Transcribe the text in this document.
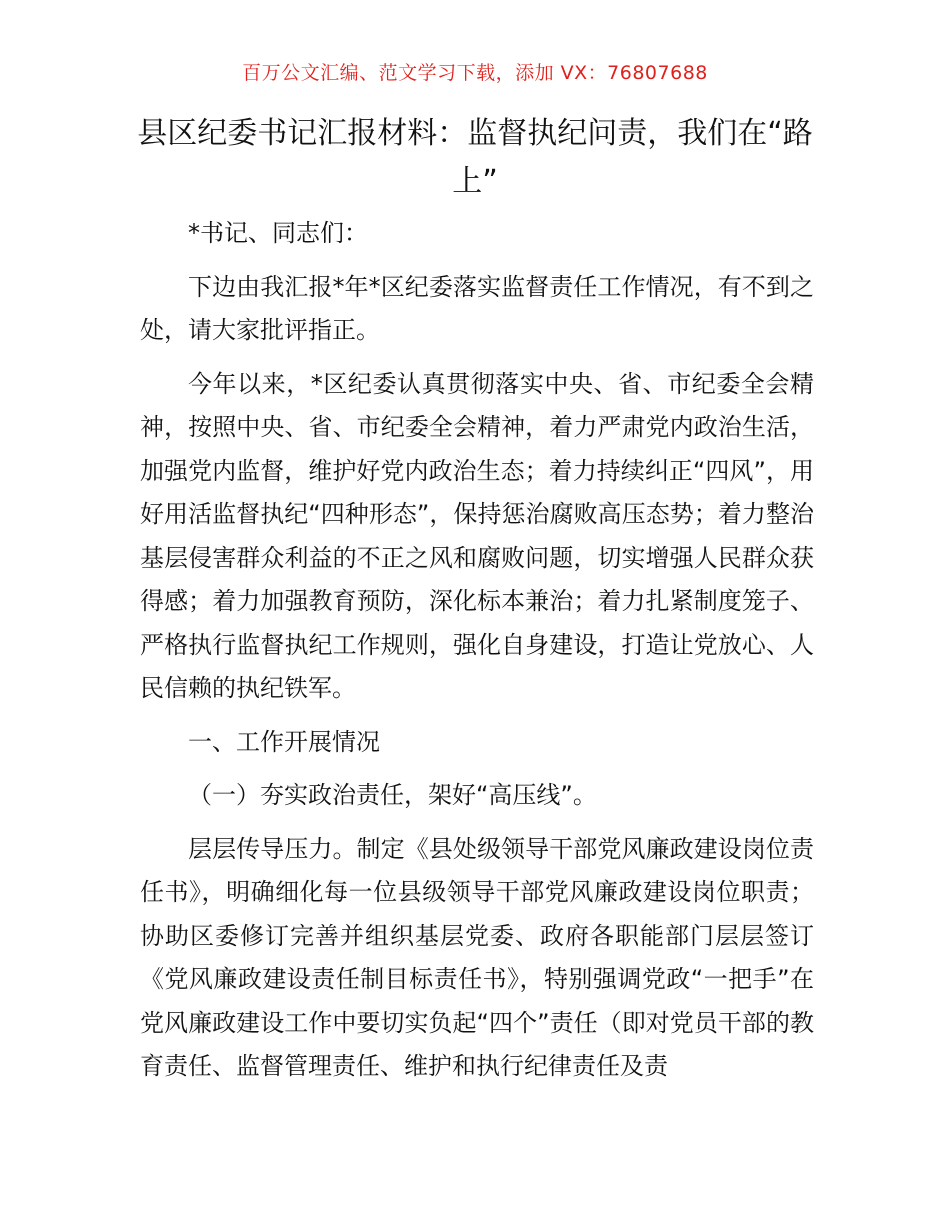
百万公文汇编、范文学习下载，添加 VX：76807688
县区纪委书记汇报材料：监督执纪问责，我们在“路上”

*书记、同志们：

下边由我汇报*年*区纪委落实监督责任工作情况，有不到之处，请大家批评指正。

今年以来，*区纪委认真贯彻落实中央、省、市纪委全会精神，按照中央、省、市纪委全会精神，着力严肃党内政治生活，加强党内监督，维护好党内政治生态；着力持续纠正“四风”，用好用活监督执纪“四种形态”，保持惩治腐败高压态势；着力整治基层侵害群众利益的不正之风和腐败问题，切实增强人民群众获得感；着力加强教育预防，深化标本兼治；着力扎紧制度笼子、严格执行监督执纪工作规则，强化自身建设，打造让党放心、人民信赖的执纪铁军。

一、工作开展情况

（一）夯实政治责任，架好“高压线”。

层层传导压力。制定《县处级领导干部党风廉政建设岗位责任书》，明确细化每一位县级领导干部党风廉政建设岗位职责；协助区委修订完善并组织基层党委、政府各职能部门层层签订《党风廉政建设责任制目标责任书》，特别强调党政“一把手”在党风廉政建设工作中要切实负起“四个”责任（即对党员干部的教育责任、监督管理责任、维护和执行纪律责任及责
